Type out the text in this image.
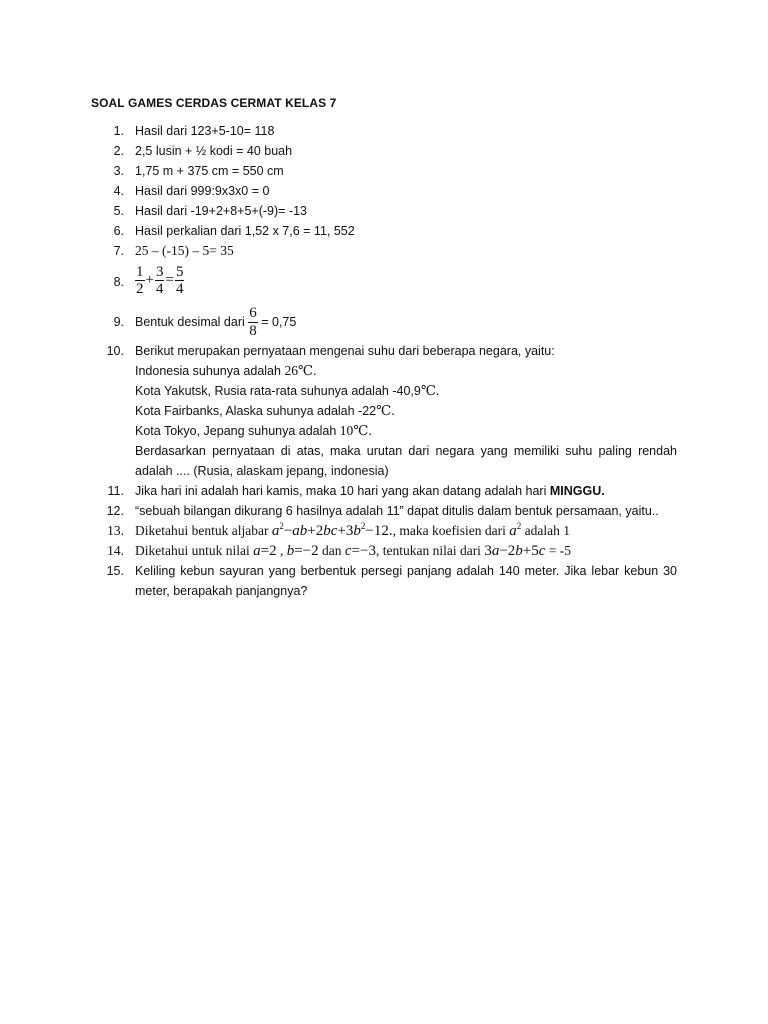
SOAL GAMES CERDAS CERMAT KELAS 7
1. Hasil dari 123+5-10= 118
2. 2,5 lusin + ½ kodi = 40 buah
3. 1,75 m + 375 cm = 550 cm
4. Hasil dari 999:9x3x0 = 0
5. Hasil dari -19+2+8+5+(-9)= -13
6. Hasil perkalian dari 1,52 x 7,6 = 11, 552
7. 25 – (-15) – 5= 35
8. $\frac{1}{2} + \frac{3}{4} = \frac{5}{4}$
9. Bentuk desimal dari $\frac{6}{8} = 0,75$
10. Berikut merupakan pernyataan mengenai suhu dari beberapa negara, yaitu:
Indonesia suhunya adalah 26℃.
Kota Yakutsk, Rusia rata-rata suhunya adalah -40,9℃.
Kota Fairbanks, Alaska suhunya adalah -22℃.
Kota Tokyo, Jepang suhunya adalah 10℃.
Berdasarkan pernyataan di atas, maka urutan dari negara yang memiliki suhu paling rendah adalah .... (Rusia, alaskam jepang, indonesia)
11. Jika hari ini adalah hari kamis, maka 10 hari yang akan datang adalah hari MINGGU.
12. “sebuah bilangan dikurang 6 hasilnya adalah 11” dapat ditulis dalam bentuk persamaan, yaitu..
13. Diketahui bentuk aljabar $a^2-ab+2bc+3b^2-12$., maka koefisien dari $a^2$ adalah 1
14. Diketahui untuk nilai a=2 , b=−2 dan c=−3, tentukan nilai dari 3a−2b+5c = -5
15. Keliling kebun sayuran yang berbentuk persegi panjang adalah 140 meter. Jika lebar kebun 30 meter, berapakah panjangnya?
